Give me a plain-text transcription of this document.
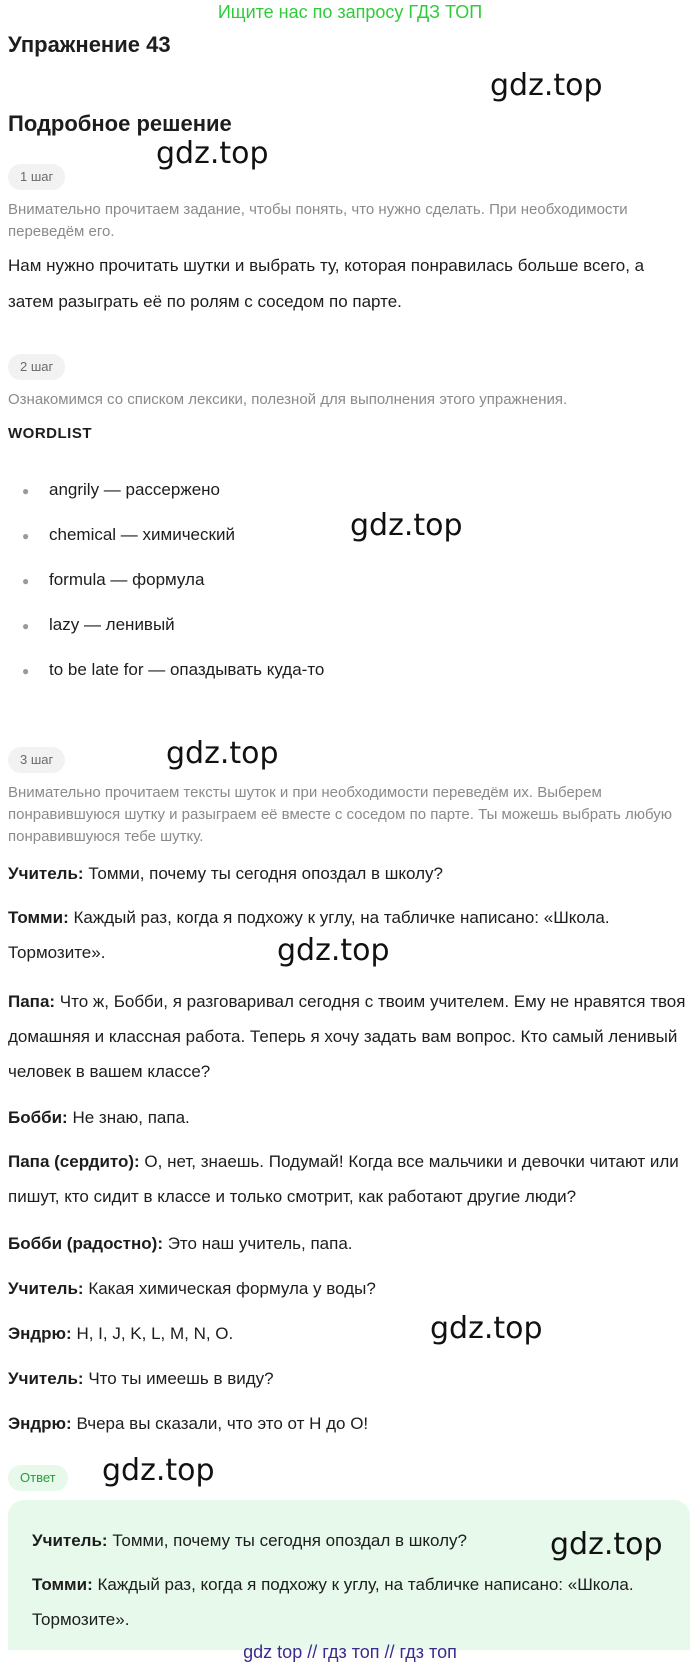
Ищите нас по запросу ГДЗ ТОП
Упражнение 43
gdz.top
Подробное решение
gdz.top
1 шаг
Внимательно прочитаем задание, чтобы понять, что нужно сделать. При необходимости переведём его.
Нам нужно прочитать шутки и выбрать ту, которая понравилась больше всего, а затем разыграть её по ролям с соседом по парте.
2 шаг
Ознакомимся со списком лексики, полезной для выполнения этого упражнения.
WORDLIST
● angrily — рассержено
● chemical — химический
● formula — формула
● lazy — ленивый
● to be late for — опаздывать куда-то
gdz.top
3 шаг	gdz.top
Внимательно прочитаем тексты шуток и при необходимости переведём их. Выберем понравившуюся шутку и разыграем её вместе с соседом по парте. Ты можешь выбрать любую понравившуюся тебе шутку.
Учитель: Томми, почему ты сегодня опоздал в школу?
Томми: Каждый раз, когда я подхожу к углу, на табличке написано: «Школа. Тормозите».	gdz.top
Папа: Что ж, Бобби, я разговаривал сегодня с твоим учителем. Ему не нравятся твоя домашняя и классная работа. Теперь я хочу задать вам вопрос. Кто самый ленивый человек в вашем классе?
Бобби: Не знаю, папа.
Папа (сердито): О, нет, знаешь. Подумай! Когда все мальчики и девочки читают или пишут, кто сидит в классе и только смотрит, как работают другие люди?
Бобби (радостно): Это наш учитель, папа.
Учитель: Какая химическая формула у воды?
Эндрю: H, I, J, K, L, M, N, O.	gdz.top
Учитель: Что ты имеешь в виду?
Эндрю: Вчера вы сказали, что это от H до O!
Ответ	gdz.top
Учитель: Томми, почему ты сегодня опоздал в школу?	gdz.top
Томми: Каждый раз, когда я подхожу к углу, на табличке написано: «Школа. Тормозите».
gdz top // гдз топ // гдз топ
